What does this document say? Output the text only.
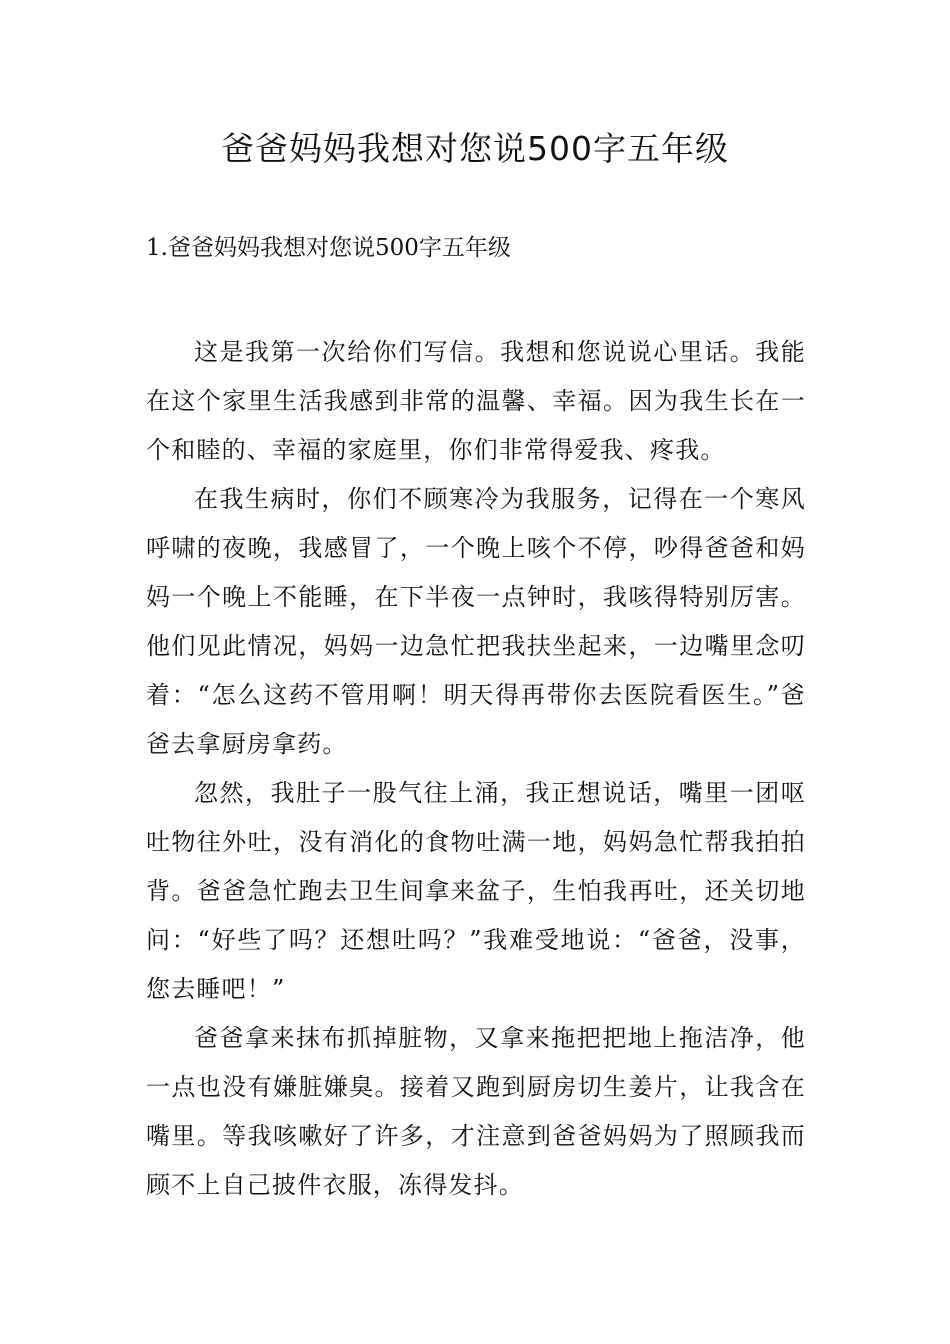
爸爸妈妈我想对您说500字五年级
1.爸爸妈妈我想对您说500字五年级

这是我第一次给你们写信。我想和您说说心里话。我能在这个家里生活我感到非常的温馨、幸福。因为我生长在一个和睦的、幸福的家庭里，你们非常得爱我、疼我。

在我生病时，你们不顾寒冷为我服务，记得在一个寒风呼啸的夜晚，我感冒了，一个晚上咳个不停，吵得爸爸和妈妈一个晚上不能睡，在下半夜一点钟时，我咳得特别厉害。他们见此情况，妈妈一边急忙把我扶坐起来，一边嘴里念叨着：“怎么这药不管用啊！明天得再带你去医院看医生。”爸爸去拿厨房拿药。

忽然，我肚子一股气往上涌，我正想说话，嘴里一团呕吐物往外吐，没有消化的食物吐满一地，妈妈急忙帮我拍拍背。爸爸急忙跑去卫生间拿来盆子，生怕我再吐，还关切地问：“好些了吗？还想吐吗？”我难受地说：“爸爸，没事，您去睡吧！”

爸爸拿来抹布抓掉脏物，又拿来拖把把地上拖洁净，他一点也没有嫌脏嫌臭。接着又跑到厨房切生姜片，让我含在嘴里。等我咳嗽好了许多，才注意到爸爸妈妈为了照顾我而顾不上自己披件衣服，冻得发抖。
